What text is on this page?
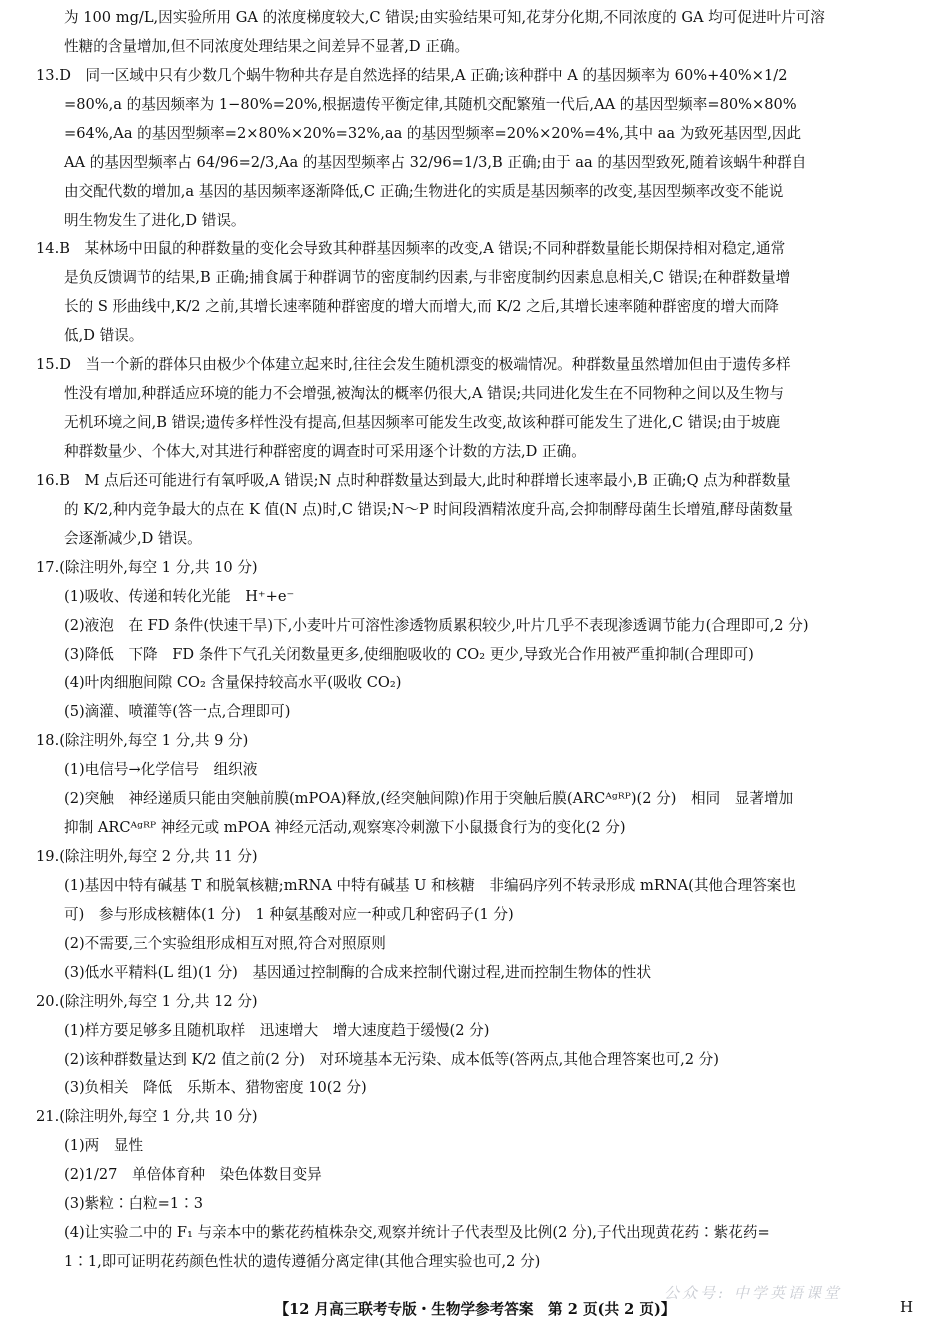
为 100 mg/L,因实验所用 GA 的浓度梯度较大,C 错误;由实验结果可知,花芽分化期,不同浓度的 GA 均可促进叶片可溶
性糖的含量增加,但不同浓度处理结果之间差异不显著,D 正确。
13.D　同一区域中只有少数几个蜗牛物种共存是自然选择的结果,A 正确;该种群中 A 的基因频率为 60%+40%×1/2
=80%,a 的基因频率为 1−80%=20%,根据遗传平衡定律,其随机交配繁殖一代后,AA 的基因型频率=80%×80%
=64%,Aa 的基因型频率=2×80%×20%=32%,aa 的基因型频率=20%×20%=4%,其中 aa 为致死基因型,因此
AA 的基因型频率占 64/96=2/3,Aa 的基因型频率占 32/96=1/3,B 正确;由于 aa 的基因型致死,随着该蜗牛种群自
由交配代数的增加,a 基因的基因频率逐渐降低,C 正确;生物进化的实质是基因频率的改变,基因型频率改变不能说
明生物发生了进化,D 错误。
14.B　某林场中田鼠的种群数量的变化会导致其种群基因频率的改变,A 错误;不同种群数量能长期保持相对稳定,通常
是负反馈调节的结果,B 正确;捕食属于种群调节的密度制约因素,与非密度制约因素息息相关,C 错误;在种群数量增
长的 S 形曲线中,K/2 之前,其增长速率随种群密度的增大而增大,而 K/2 之后,其增长速率随种群密度的增大而降
低,D 错误。
15.D　当一个新的群体只由极少个体建立起来时,往往会发生随机漂变的极端情况。种群数量虽然增加但由于遗传多样
性没有增加,种群适应环境的能力不会增强,被淘汰的概率仍很大,A 错误;共同进化发生在不同物种之间以及生物与
无机环境之间,B 错误;遗传多样性没有提高,但基因频率可能发生改变,故该种群可能发生了进化,C 错误;由于坡鹿
种群数量少、个体大,对其进行种群密度的调查时可采用逐个计数的方法,D 正确。
16.B　M 点后还可能进行有氧呼吸,A 错误;N 点时种群数量达到最大,此时种群增长速率最小,B 正确;Q 点为种群数量
的 K/2,种内竞争最大的点在 K 值(N 点)时,C 错误;N～P 时间段酒精浓度升高,会抑制酵母菌生长增殖,酵母菌数量
会逐渐减少,D 错误。
17.(除注明外,每空 1 分,共 10 分)
(1)吸收、传递和转化光能　H⁺+e⁻
(2)液泡　在 FD 条件(快速干旱)下,小麦叶片可溶性渗透物质累积较少,叶片几乎不表现渗透调节能力(合理即可,2 分)
(3)降低　下降　FD 条件下气孔关闭数量更多,使细胞吸收的 CO₂ 更少,导致光合作用被严重抑制(合理即可)
(4)叶肉细胞间隙 CO₂ 含量保持较高水平(吸收 CO₂)
(5)滴灌、喷灌等(答一点,合理即可)
18.(除注明外,每空 1 分,共 9 分)
(1)电信号→化学信号　组织液
(2)突触　神经递质只能由突触前膜(mPOA)释放,(经突触间隙)作用于突触后膜(ARCᴬᵍᴿᴾ)(2 分)　相同　显著增加
抑制 ARCᴬᵍᴿᴾ 神经元或 mPOA 神经元活动,观察寒冷刺激下小鼠摄食行为的变化(2 分)
19.(除注明外,每空 2 分,共 11 分)
(1)基因中特有碱基 T 和脱氧核糖;mRNA 中特有碱基 U 和核糖　非编码序列不转录形成 mRNA(其他合理答案也
可)　参与形成核糖体(1 分)　1 种氨基酸对应一种或几种密码子(1 分)
(2)不需要,三个实验组形成相互对照,符合对照原则
(3)低水平精料(L 组)(1 分)　基因通过控制酶的合成来控制代谢过程,进而控制生物体的性状
20.(除注明外,每空 1 分,共 12 分)
(1)样方要足够多且随机取样　迅速增大　增大速度趋于缓慢(2 分)
(2)该种群数量达到 K/2 值之前(2 分)　对环境基本无污染、成本低等(答两点,其他合理答案也可,2 分)
(3)负相关　降低　乐斯本、猎物密度 10(2 分)
21.(除注明外,每空 1 分,共 10 分)
(1)两　显性
(2)1/27　单倍体育种　染色体数目变异
(3)紫粒∶白粒=1∶3
(4)让实验二中的 F₁ 与亲本中的紫花药植株杂交,观察并统计子代表型及比例(2 分),子代出现黄花药∶紫花药=
1∶1,即可证明花药颜色性状的遗传遵循分离定律(其他合理实验也可,2 分)
公众号: 中学英语课堂
【12 月高三联考专版・生物学参考答案　第 2 页(共 2 页)】	H
